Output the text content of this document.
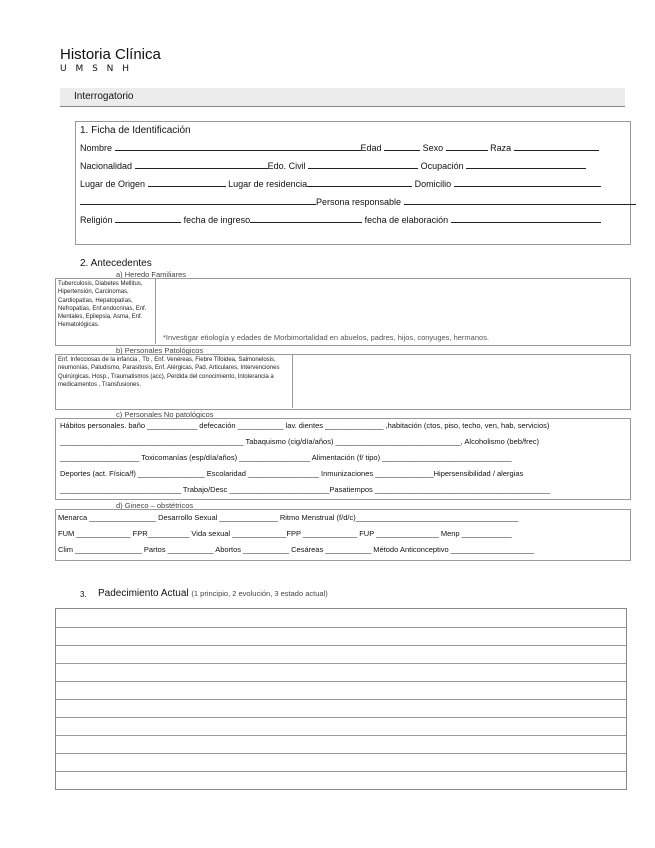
Historia Clínica
U M S N H
Interrogatorio
1. Ficha de Identificación
Nombre	Edad	Sexo	Raza
Nacionalidad	Edo. Civil	Ocupación
Lugar de Origen	Lugar de residencia	Domicilio
Persona responsable
Religión	fecha de ingreso	fecha de elaboración
2. Antecedentes
a) Heredo Familiares
Tuberculosis, Diabetes Mellitus, Hipertensión, Carcinomas, Cardiopatías, Hepatopatías, Nefropatías, Enf.endocrinas, Enf. Mentales, Epilepsia, Asma, Enf. Hematológicas.
*Investigar etiología y edades de Morbimortalidad en abuelos, padres, hijos, conyuges, hermanos.
b) Personales Patológicos
Enf. Infecciosas de la infancia , Tb , Enf. Venéreas, Fiebre Tifoidea, Salmonelosis, neumonías, Paludismo, Parasitosis, Enf. Alérgicas, Pad. Articulares, Intervenciones Quirúrgicas, Hosp., Traumatismos (acc), Perdida del conocimiento, Intolerancia a medicamentos , Transfusiones.
c) Personales No patológicos
Hábitos personales. baño ____________ defecación ___________ lav. dientes ______________ ,habitación (ctos, piso, techo, ven, hab, servicios)
____________________________________________ Tabaquismo (cig/día/años) ______________________________, Alcoholismo (beb/frec)
___________________ Toxicomanías (esp/día/años) _________________ Alimentación (f/ tipo) _______________________________
Deportes (act. Física/f) ________________ Escolaridad _________________ Inmunizaciones ______________Hipersensibilidad / alergias
_____________________________ Trabajo/Desc ________________________Pasatiempos __________________________________________
d) Gineco – obstétricos
Menarca ________________ Desarrollo Sexual ______________ Ritmo Menstrual (f/d/c)_______________________________________
FUM _____________ FPR__________ Vida sexual _____________FPP _____________ FUP _______________ Menp ____________
Clim ________________ Partos ___________ Abortos ___________ Cesáreas ___________ Método Anticonceptivo ____________________
3. Padecimiento Actual (1 principio, 2 evolución, 3 estado actual)
